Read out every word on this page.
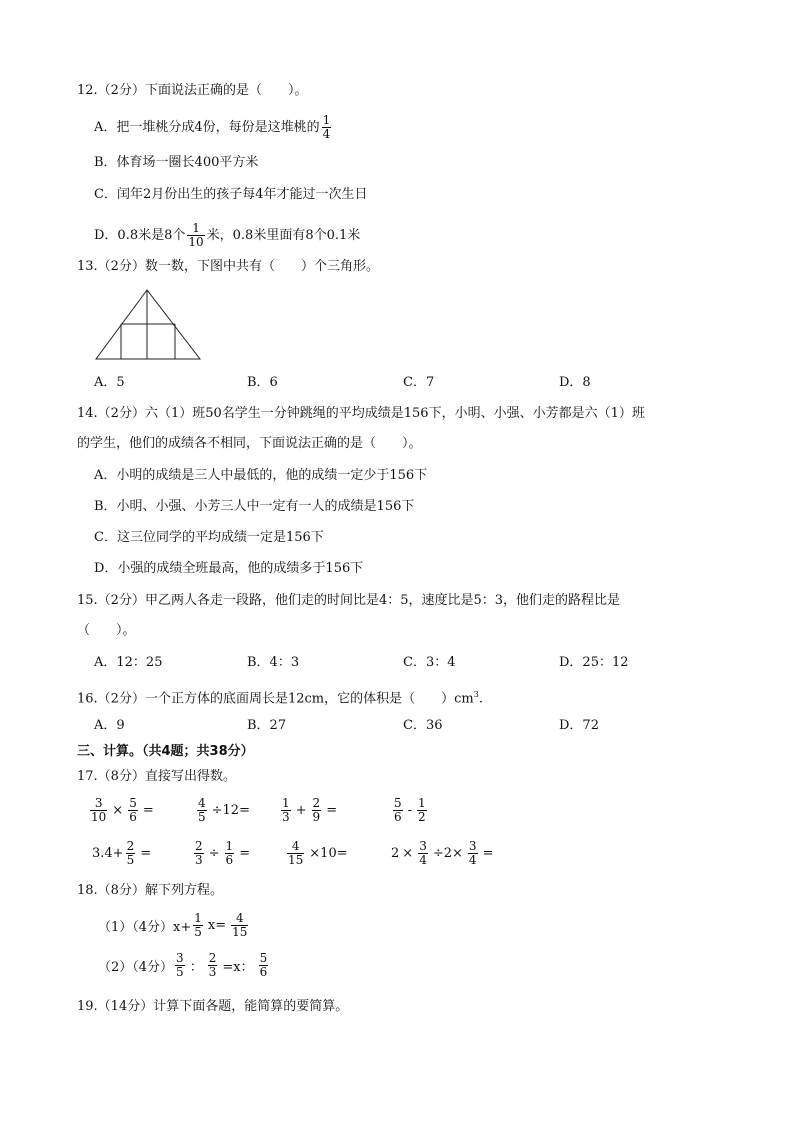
12.（2分）下面说法正确的是（　　）。
A．把一堆桃分成4份，每份是这堆桃的 $\frac{1}{4}$
B．体育场一圈长400平方米
C．闰年2月份出生的孩子每4年才能过一次生日
D．0.8米是8个 $\frac{1}{10}$ 米，0.8米里面有8个0.1米
13.（2分）数一数，下图中共有（　　）个三角形。
A．5	B．6	C．7	D．8
14.（2分）六（1）班50名学生一分钟跳绳的平均成绩是156下，小明、小强、小芳都是六（1）班
的学生，他们的成绩各不相同，下面说法正确的是（　　）。
A．小明的成绩是三人中最低的，他的成绩一定少于156下
B．小明、小强、小芳三人中一定有一人的成绩是156下
C．这三位同学的平均成绩一定是156下
D．小强的成绩全班最高，他的成绩多于156下
15.（2分）甲乙两人各走一段路，他们走的时间比是4：5，速度比是5：3，他们走的路程比是
（　　）。
A．12：25	B．4：3	C．3：4	D．25：12
16.（2分）一个正方体的底面周长是12cm，它的体积是（　　）$cm^3$.
A．9	B．27	C．36	D．72
三、计算。（共4题；共38分）
17.（8分）直接写出得数。
$\frac{3}{10} \times \frac{5}{6}$ =	$\frac{4}{5} \div 12=$	$\frac{1}{3} + \frac{2}{9}$ =	$\frac{5}{6} - \frac{1}{2}$
$3.4+ \frac{2}{5}$ =	$\frac{2}{3} \div \frac{1}{6}$ =	$\frac{4}{15} \times 10=$	$2 \times \frac{3}{4} \div 2\times \frac{3}{4}$ =
18.（8分）解下列方程。
（1）（4分）$x+ \frac{1}{5} x= \frac{4}{15}$
（2）（4分） $\frac{3}{5}$ ： $\frac{2}{3} =x$： $\frac{5}{6}$
19.（14分）计算下面各题，能简算的要简算。
